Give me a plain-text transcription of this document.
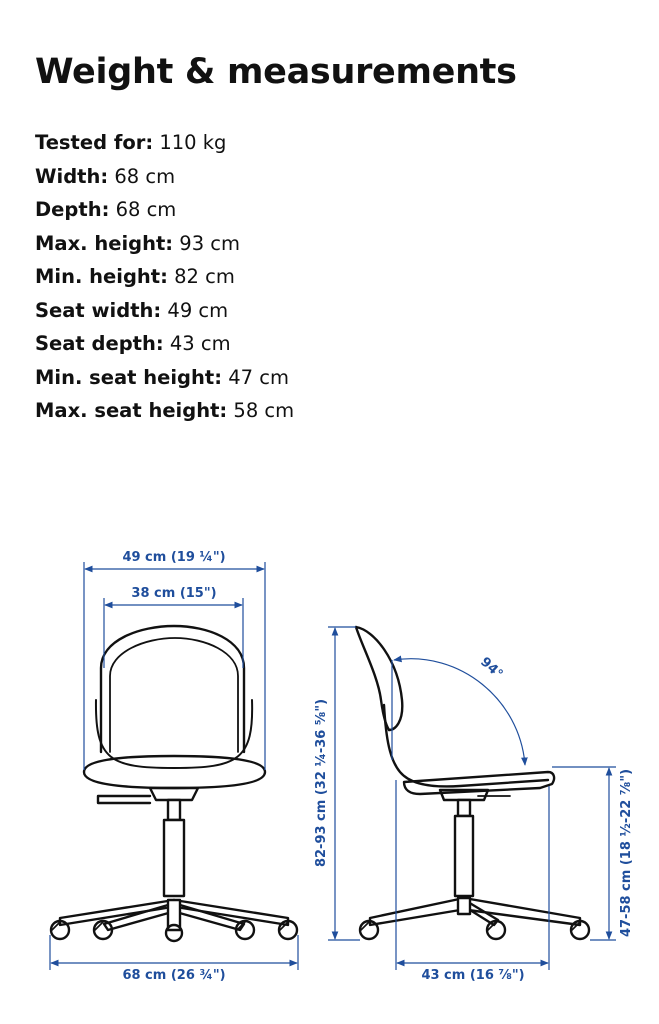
Weight & measurements
Tested for: 110 kg
Width: 68 cm
Depth: 68 cm
Max. height: 93 cm
Min. height: 82 cm
Seat width: 49 cm
Seat depth: 43 cm
Min. seat height: 47 cm
Max. seat height: 58 cm
49 cm (19 ¼")
38 cm (15")
68 cm (26 ¾")
82-93 cm (32 ¼-36 ⅝")
94°
47-58 cm (18 ½-22 ⅞")
43 cm (16 ⅞")
